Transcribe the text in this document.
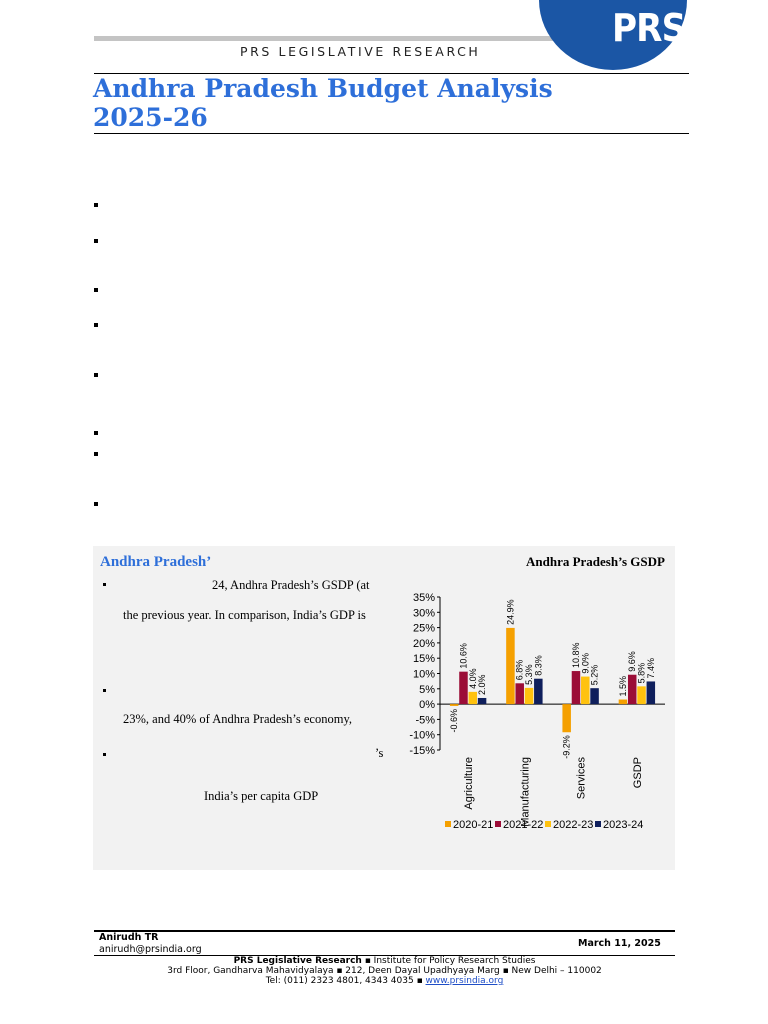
PRS
PRS LEGISLATIVE RESEARCH
Andhra Pradesh Budget Analysis
2025-26
Andhra Pradesh’	Andhra Pradesh’s GSDP
24, Andhra Pradesh’s GSDP (at
the previous year. In comparison, India’s GDP is
23%, and 40% of Andhra Pradesh’s economy,
’s
India’s per capita GDP
35%
30%
25%
20%
15%
10%
5%
0%
-5%
-10%
-15%
-0.6%
10.6%
4.0% 2.0%
Agriculture
24.9%
6.8% 5.3% 8.3%
Manufacturing
-9.2%
10.8% 9.0%
5.2%
Services
1.5%
9.6%
5.8% 7.4%
GSDP
2020-21 2021-22 2022-23 2023-24
Anirudh TR
anirudh@prsindia.org
March 11, 2025
PRS Legislative Research ▪ Institute for Policy Research Studies
3rd Floor, Gandharva Mahavidyalaya ▪ 212, Deen Dayal Upadhyaya Marg ▪ New Delhi – 110002
Tel: (011) 2323 4801, 4343 4035 ▪ www.prsindia.org
